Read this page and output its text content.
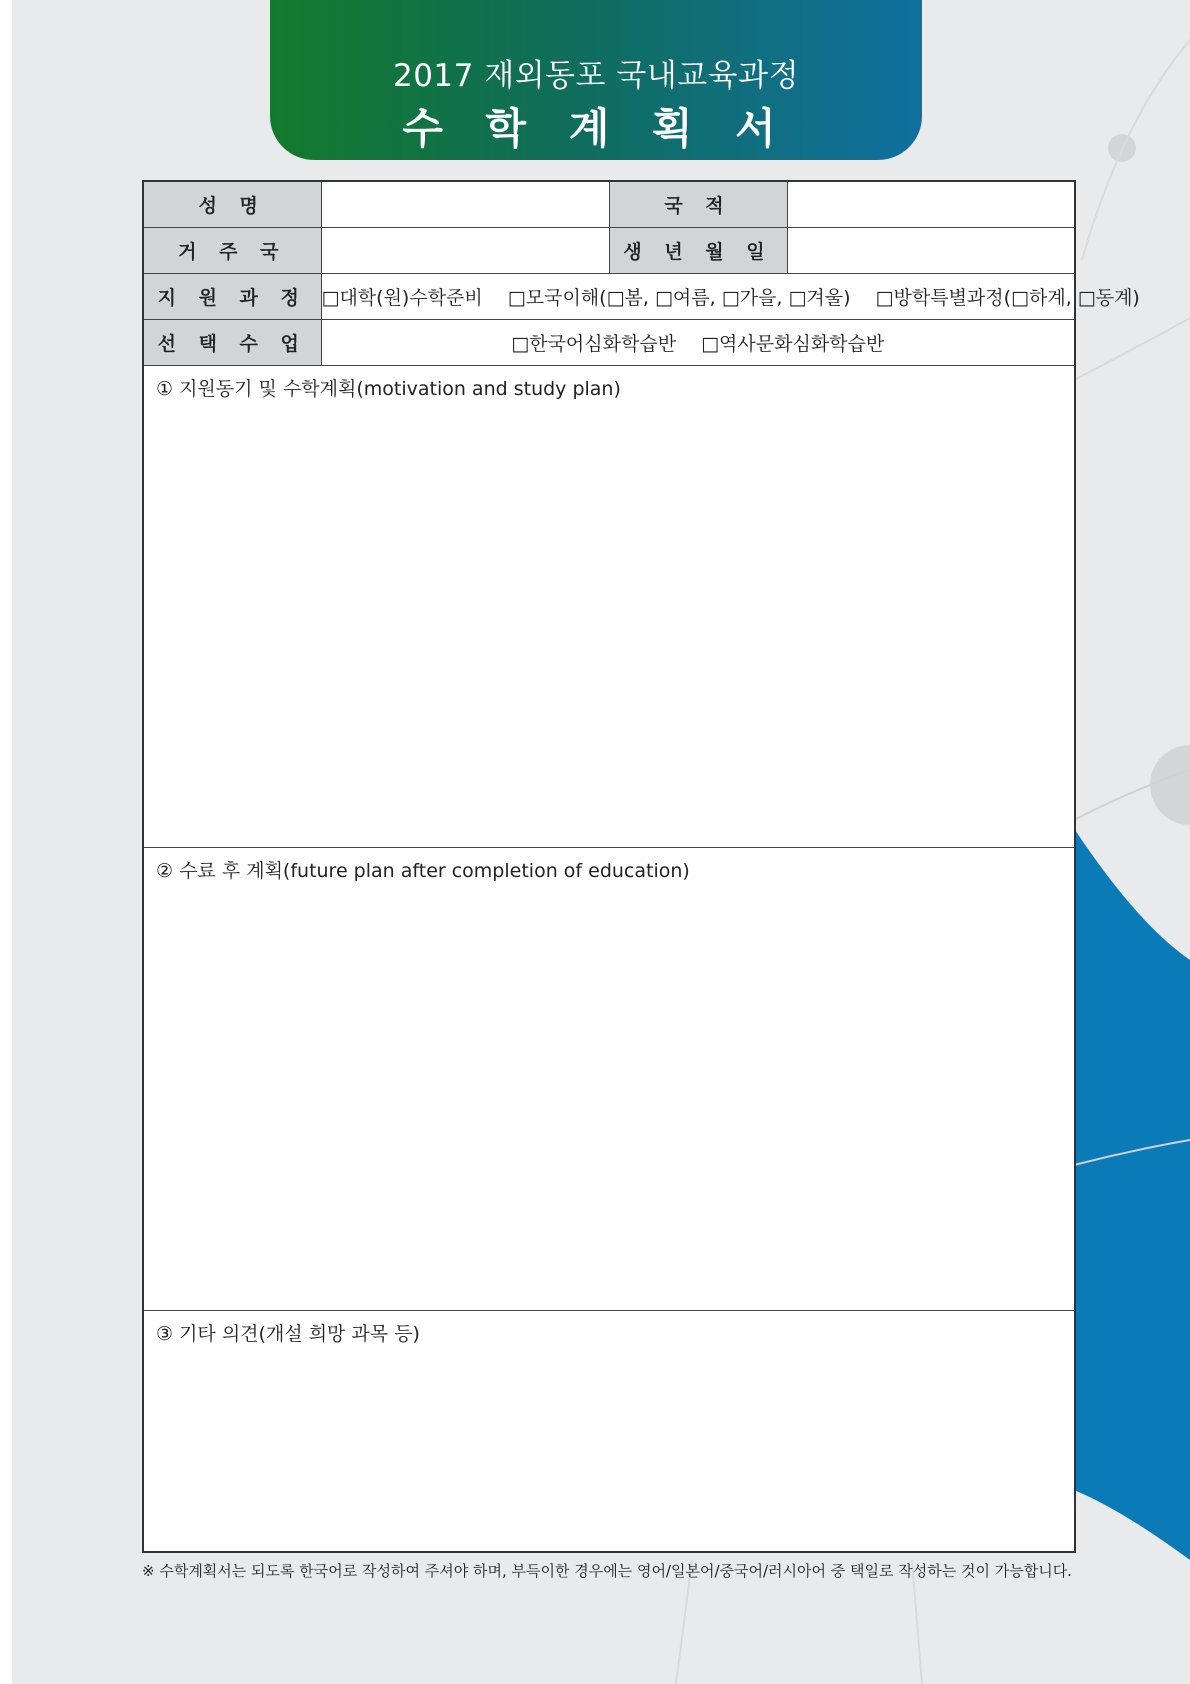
2017 재외동포 국내교육과정
수 학 계 획 서
성 명		국 적	
거 주 국		생 년 월 일	
지 원 과 정	□대학(원)수학준비　 □모국이해(□봄, □여름, □가을, □겨울)　 □방학특별과정(□하계, □동계)		
선 택 수 업	□한국어심화학습반　 □역사문화심화학습반		

① 지원동기 및 수학계획(motivation and study plan)			

② 수료 후 계획(future plan after completion of education)			

③ 기타 의견(개설 희망 과목 등)			
※ 수학계획서는 되도록 한국어로 작성하여 주셔야 하며, 부득이한 경우에는 영어/일본어/중국어/러시아어 중 택일로 작성하는 것이 가능합니다.
